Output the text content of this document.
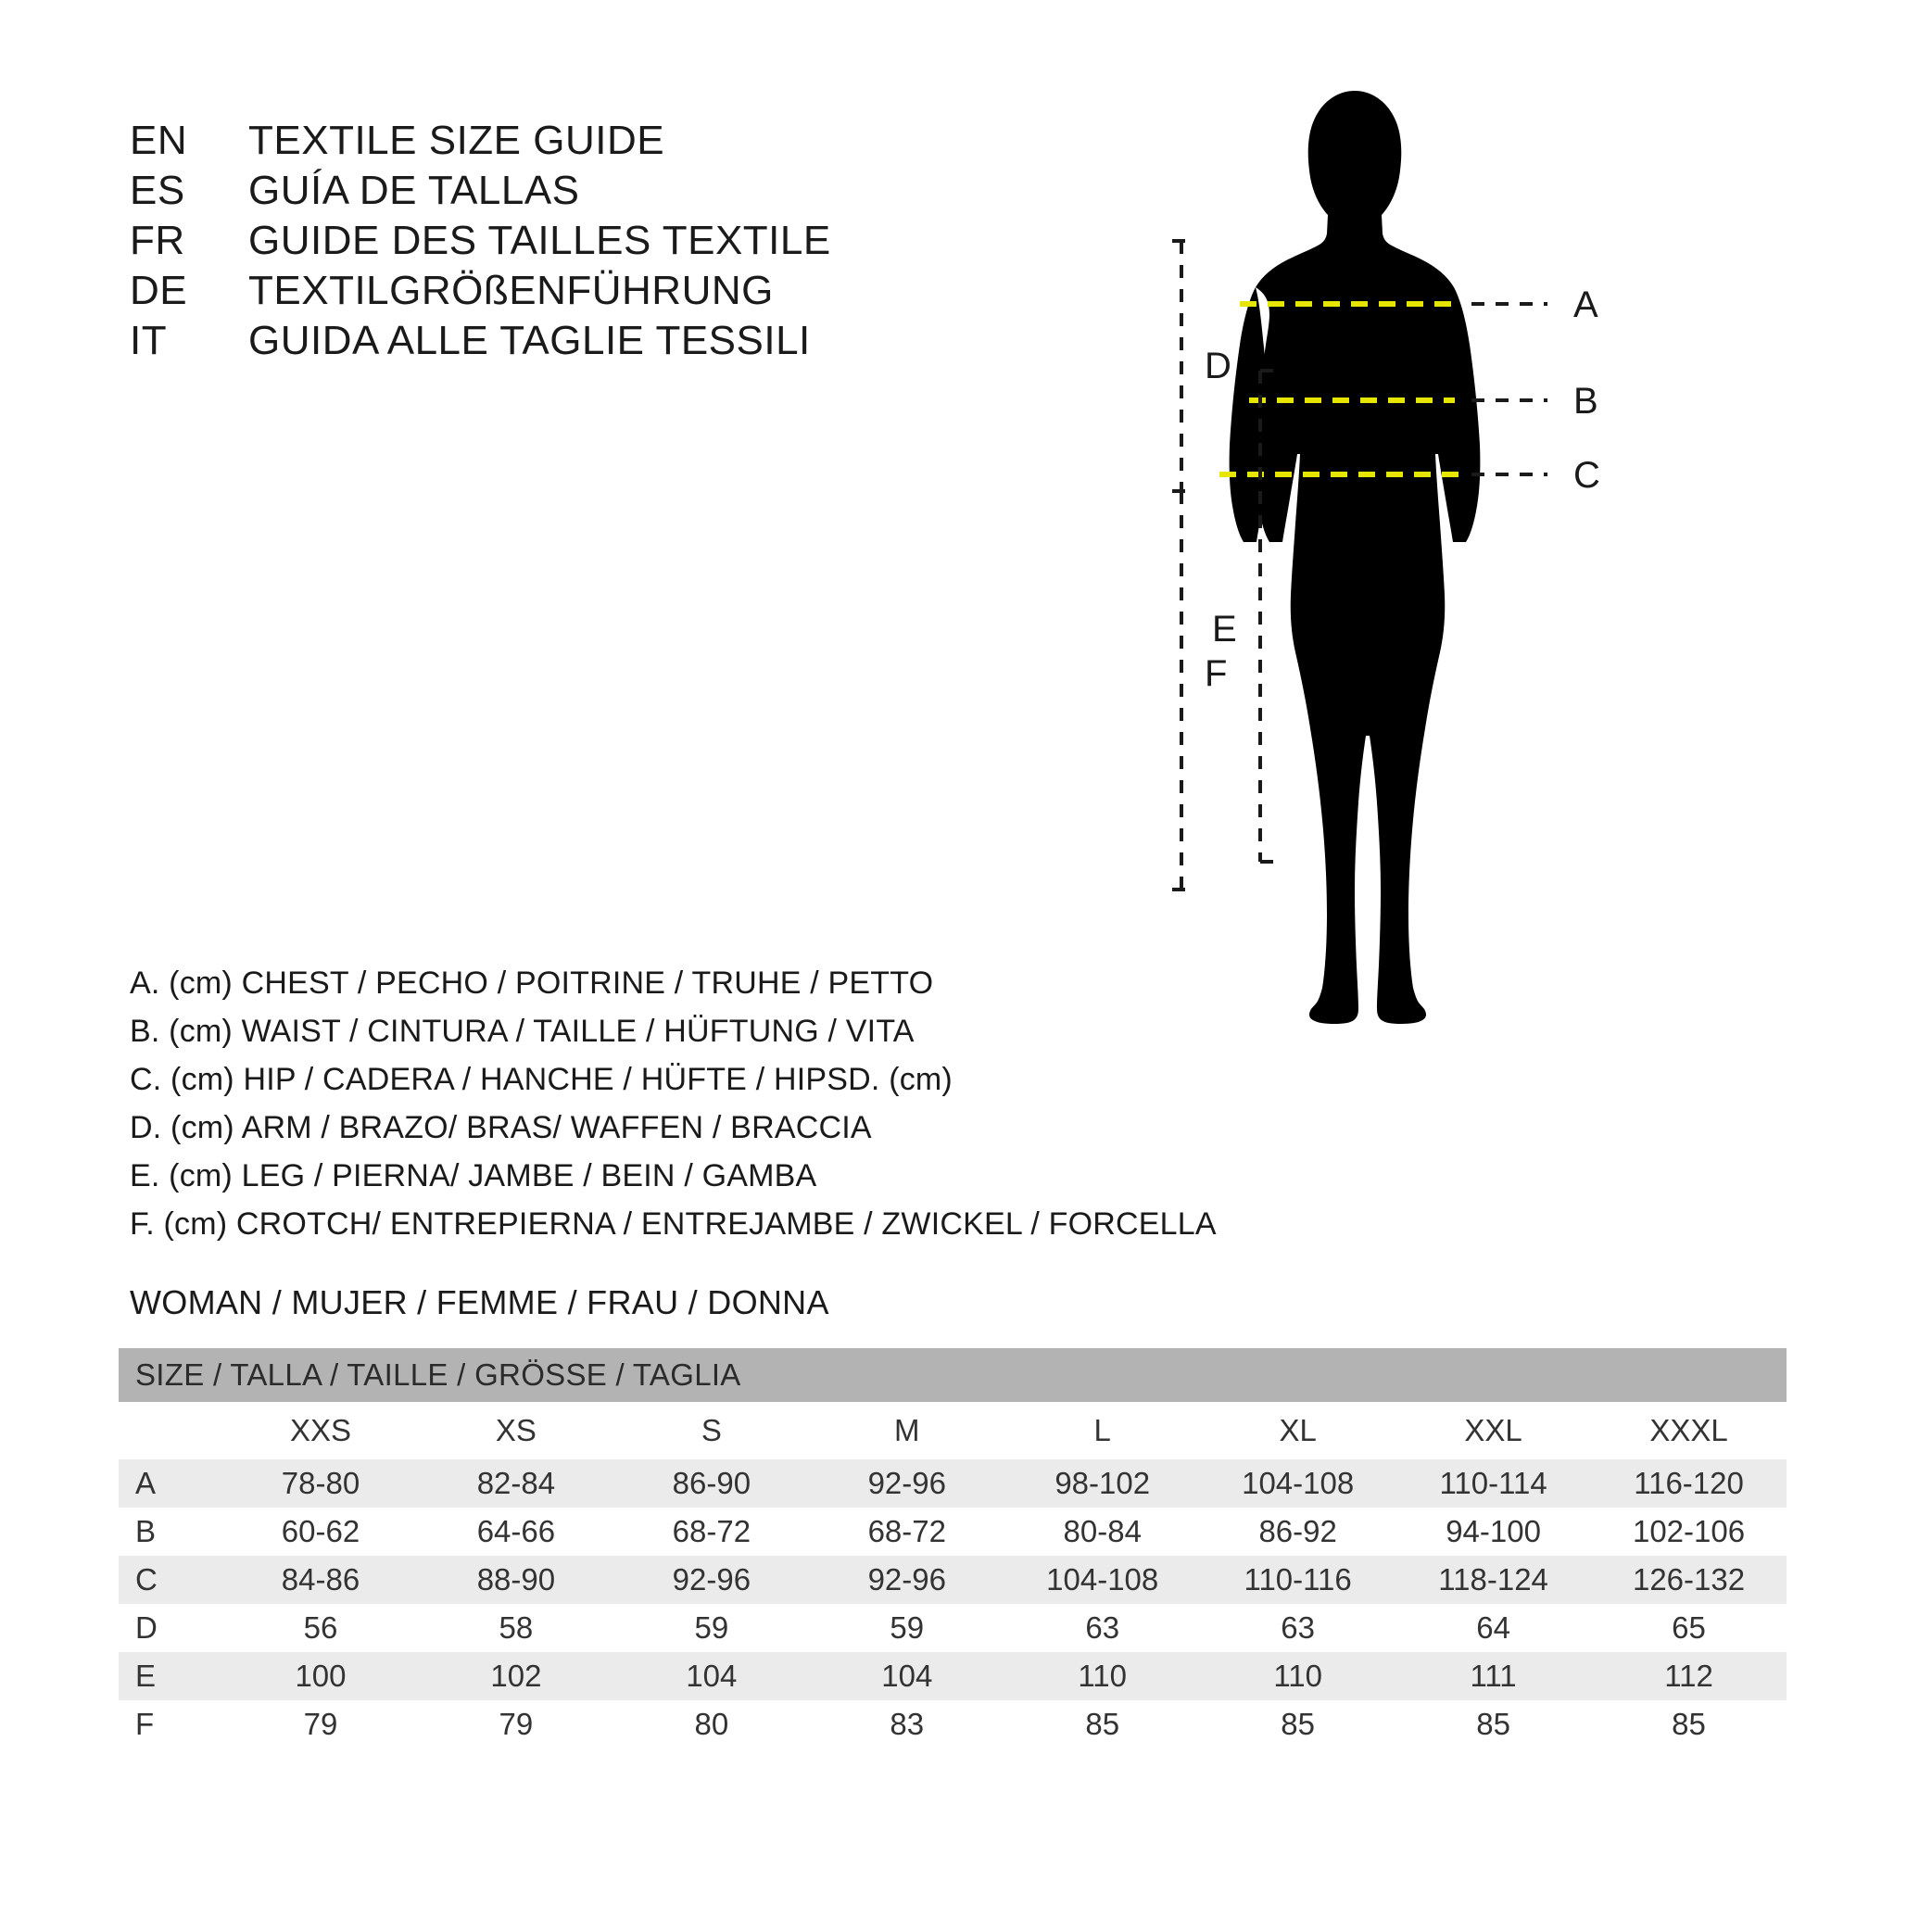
EN	TEXTILE SIZE GUIDE
ES	GUÍA DE TALLAS
FR	GUIDE DES TAILLES TEXTILE
DE	TEXTILGRÖßENFÜHRUNG
IT	GUIDA ALLE TAGLIE TESSILI
A. (cm) CHEST / PECHO / POITRINE / TRUHE / PETTO
B. (cm) WAIST / CINTURA / TAILLE / HÜFTUNG / VITA
C. (cm) HIP / CADERA / HANCHE / HÜFTE / HIPSD. (cm)
D. (cm) ARM / BRAZO/ BRAS/ WAFFEN / BRACCIA
E. (cm) LEG / PIERNA/ JAMBE / BEIN / GAMBA
F. (cm) CROTCH/ ENTREPIERNA / ENTREJAMBE / ZWICKEL / FORCELLA
WOMAN / MUJER / FEMME / FRAU / DONNA
SIZE / TALLA / TAILLE / GRÖSSE / TAGLIA								
	XXS	XS	S	M	L	XL	XXL	XXXL
A	78-80	82-84	86-90	92-96	98-102	104-108	110-114	116-120
B	60-62	64-66	68-72	68-72	80-84	86-92	94-100	102-106
C	84-86	88-90	92-96	92-96	104-108	110-116	118-124	126-132
D	56	58	59	59	63	63	64	65
E	100	102	104	104	110	110	111	112
F	79	79	80	83	85	85	85	85
A
B
C
D
E
F
